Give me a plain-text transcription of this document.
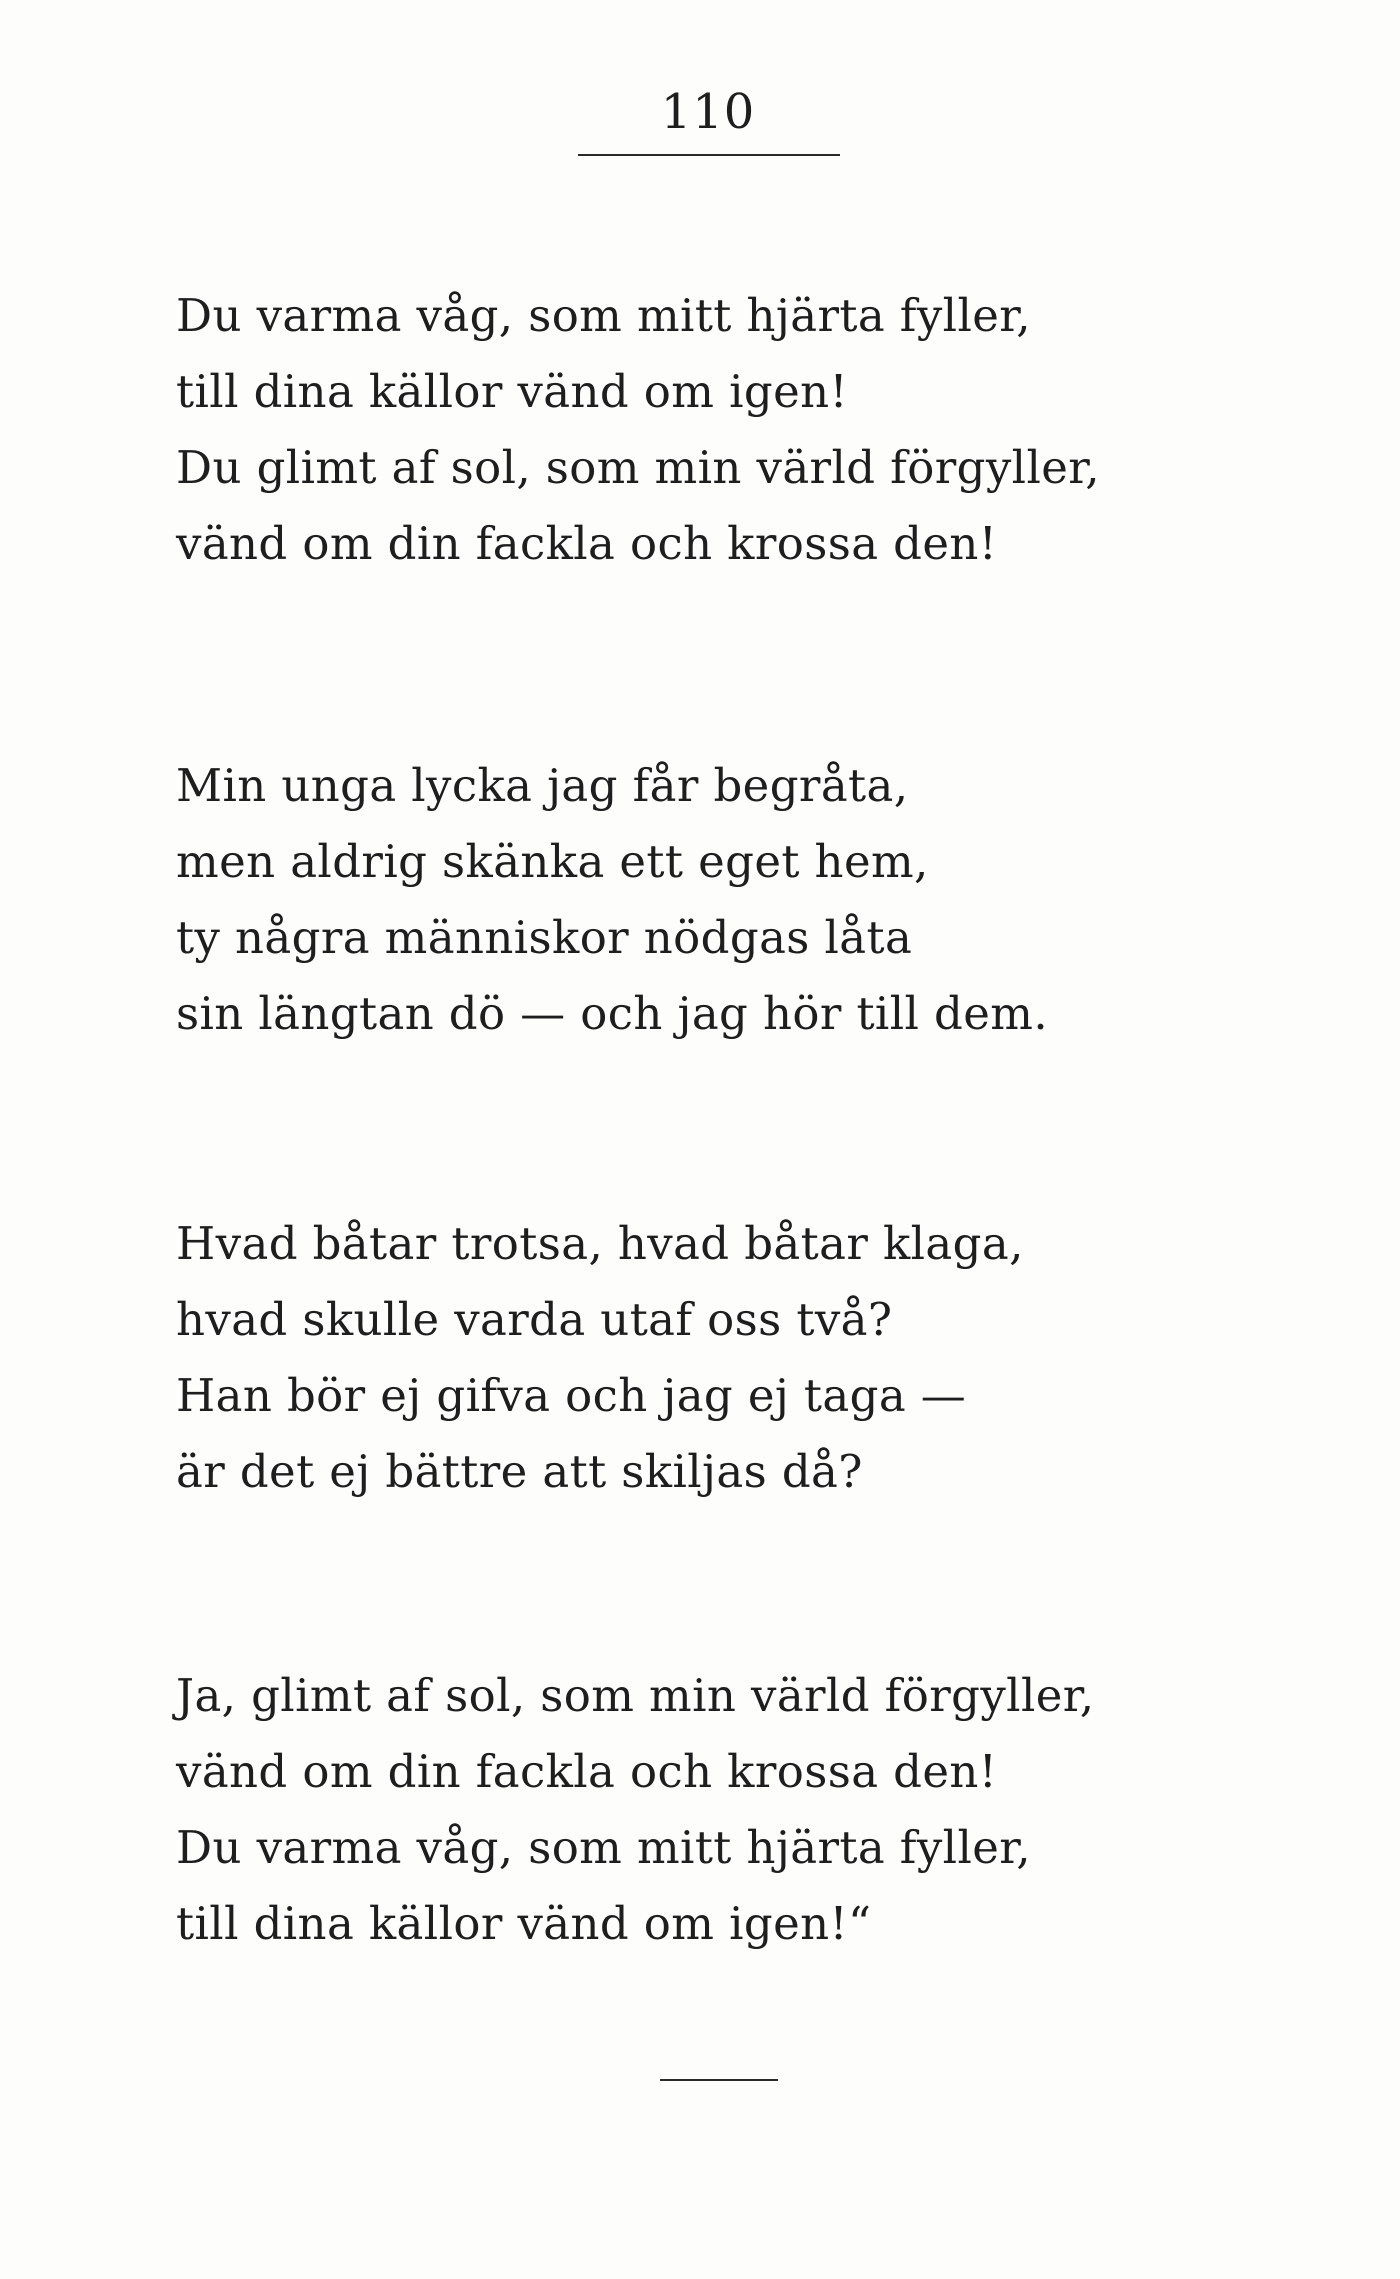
110
Du varma våg, som mitt hjärta fyller,
till dina källor vänd om igen!
Du glimt af sol, som min värld förgyller,
vänd om din fackla och krossa den!
Min unga lycka jag får begråta,
men aldrig skänka ett eget hem,
ty några människor nödgas låta
sin längtan dö — och jag hör till dem.
Hvad båtar trotsa, hvad båtar klaga,
hvad skulle varda utaf oss två?
Han bör ej gifva och jag ej taga —
är det ej bättre att skiljas då?
Ja, glimt af sol, som min värld förgyller,
vänd om din fackla och krossa den!
Du varma våg, som mitt hjärta fyller,
till dina källor vänd om igen!“
